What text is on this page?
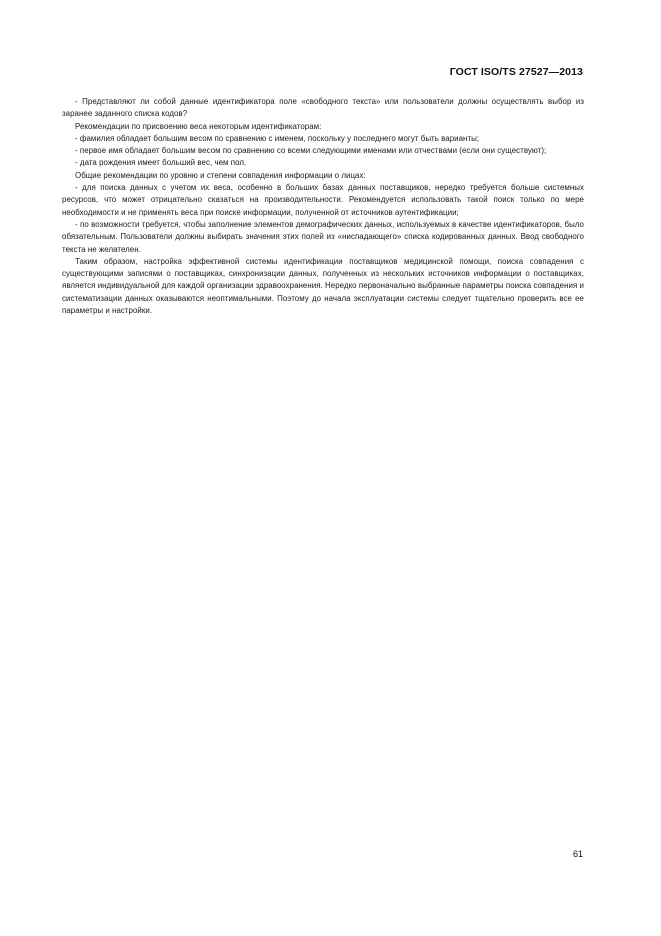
ГОСТ ISO/TS 27527—2013

- Представляют ли собой данные идентификатора поле «свободного текста» или пользователи должны осуществлять выбор из заранее заданного списка кодов?

Рекомендации по присвоению веса некоторым идентификаторам:

- фамилия обладает большим весом по сравнению с именем, поскольку у последнего могут быть варианты;

- первое имя обладает большим весом по сравнению со всеми следующими именами или отчествами (если они существуют);

- дата рождения имеет больший вес, чем пол.

Общие рекомендации по уровню и степени совпадения информации о лицах:

- для поиска данных с учетом их веса, особенно в больших базах данных поставщиков, нередко требуется больше системных ресурсов, что может отрицательно сказаться на производительности. Рекомендуется использовать такой поиск только по мере необходимости и не применять веса при поиске информации, полученной от источников аутентификации;

- по возможности требуется, чтобы заполнение элементов демографических данных, используемых в качестве идентификаторов, было обязательным. Пользователи должны выбирать значения этих полей из «ниспадающего» списка кодированных данных. Ввод свободного текста не желателен.

Таким образом, настройка эффективной системы идентификации поставщиков медицинской помощи, поиска совпадения с существующими записями о поставщиках, синхронизации данных, полученных из нескольких источников информации о поставщиках, является индивидуальной для каждой организации здравоохранения. Нередко первоначально выбранные параметры поиска совпадения и систематизации данных оказываются неоптимальными. Поэтому до начала эксплуатации системы следует тщательно проверить все ее параметры и настройки.

61
